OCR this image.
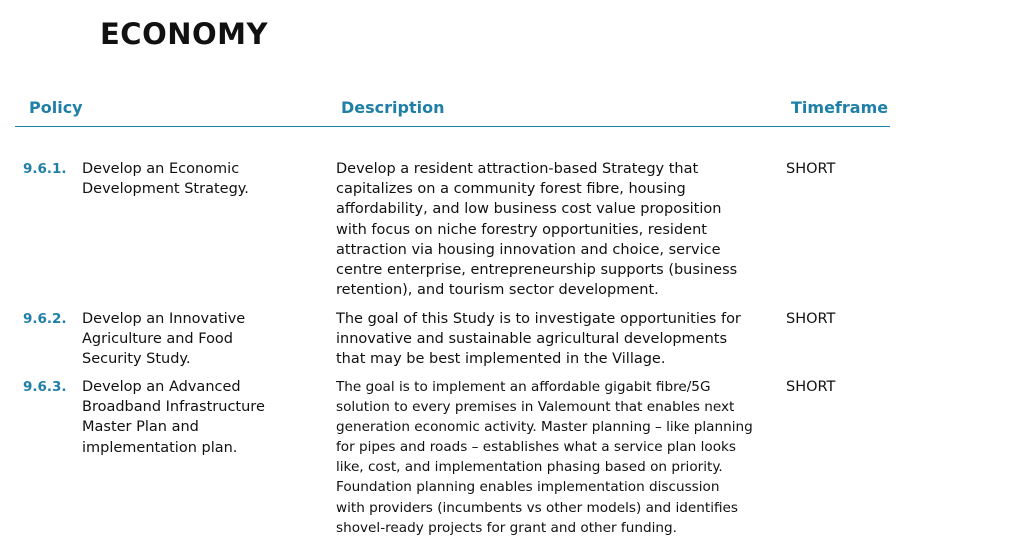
ECONOMY
Policy	Description	Timeframe
9.6.1. Develop an Economic
Development Strategy.
Develop a resident attraction-based Strategy that
capitalizes on a community forest fibre, housing
affordability, and low business cost value proposition
with focus on niche forestry opportunities, resident
attraction via housing innovation and choice, service
centre enterprise, entrepreneurship supports (business
retention), and tourism sector development.
SHORT
9.6.2. Develop an Innovative
Agriculture and Food
Security Study.
The goal of this Study is to investigate opportunities for
innovative and sustainable agricultural developments
that may be best implemented in the Village.
SHORT
9.6.3. Develop an Advanced
Broadband Infrastructure
Master Plan and
implementation plan.
The goal is to implement an affordable gigabit fibre/5G
solution to every premises in Valemount that enables next
generation economic activity. Master planning – like planning
for pipes and roads – establishes what a service plan looks
like, cost, and implementation phasing based on priority.
Foundation planning enables implementation discussion
with providers (incumbents vs other models) and identifies
shovel-ready projects for grant and other funding.
SHORT
